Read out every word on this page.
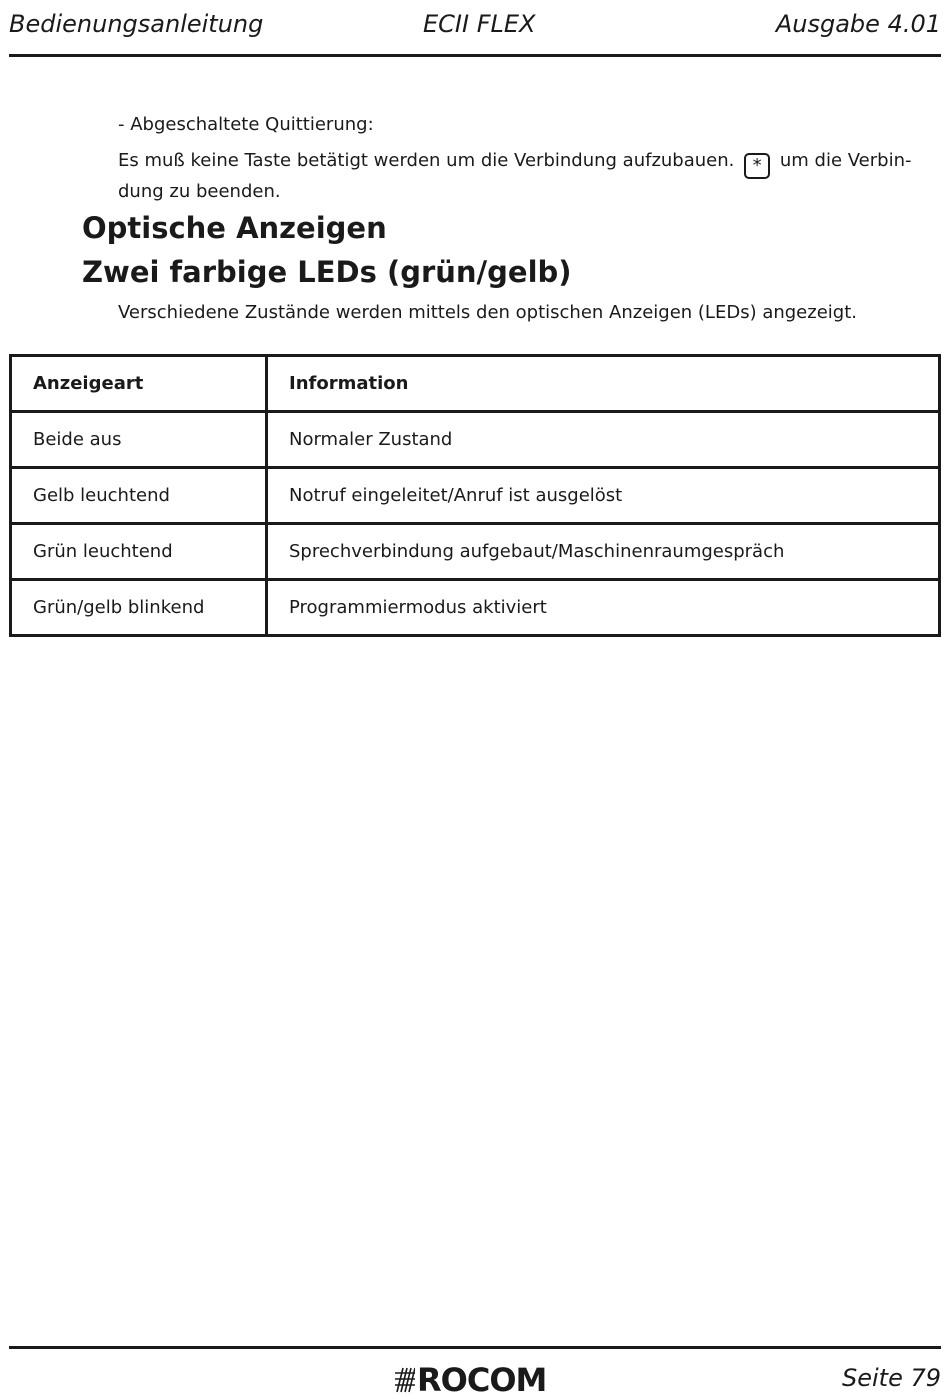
Bedienungsanleitung	ECII FLEX	Ausgabe 4.01
- Abgeschaltete Quittierung:
Es muß keine Taste betätigt werden um die Verbindung aufzubauen. * um die Verbin-dung zu beenden.
Optische Anzeigen
Zwei farbige LEDs (grün/gelb)
Verschiedene Zustände werden mittels den optischen Anzeigen (LEDs) angezeigt.
Anzeigeart	Information
Beide aus	Normaler Zustand
Gelb leuchtend	Notruf eingeleitet/Anruf ist ausgelöst
Grün leuchtend	Sprechverbindung aufgebaut/Maschinenraumgespräch
Grün/gelb blinkend	Programmiermodus aktiviert
ROCOM	Seite 79
